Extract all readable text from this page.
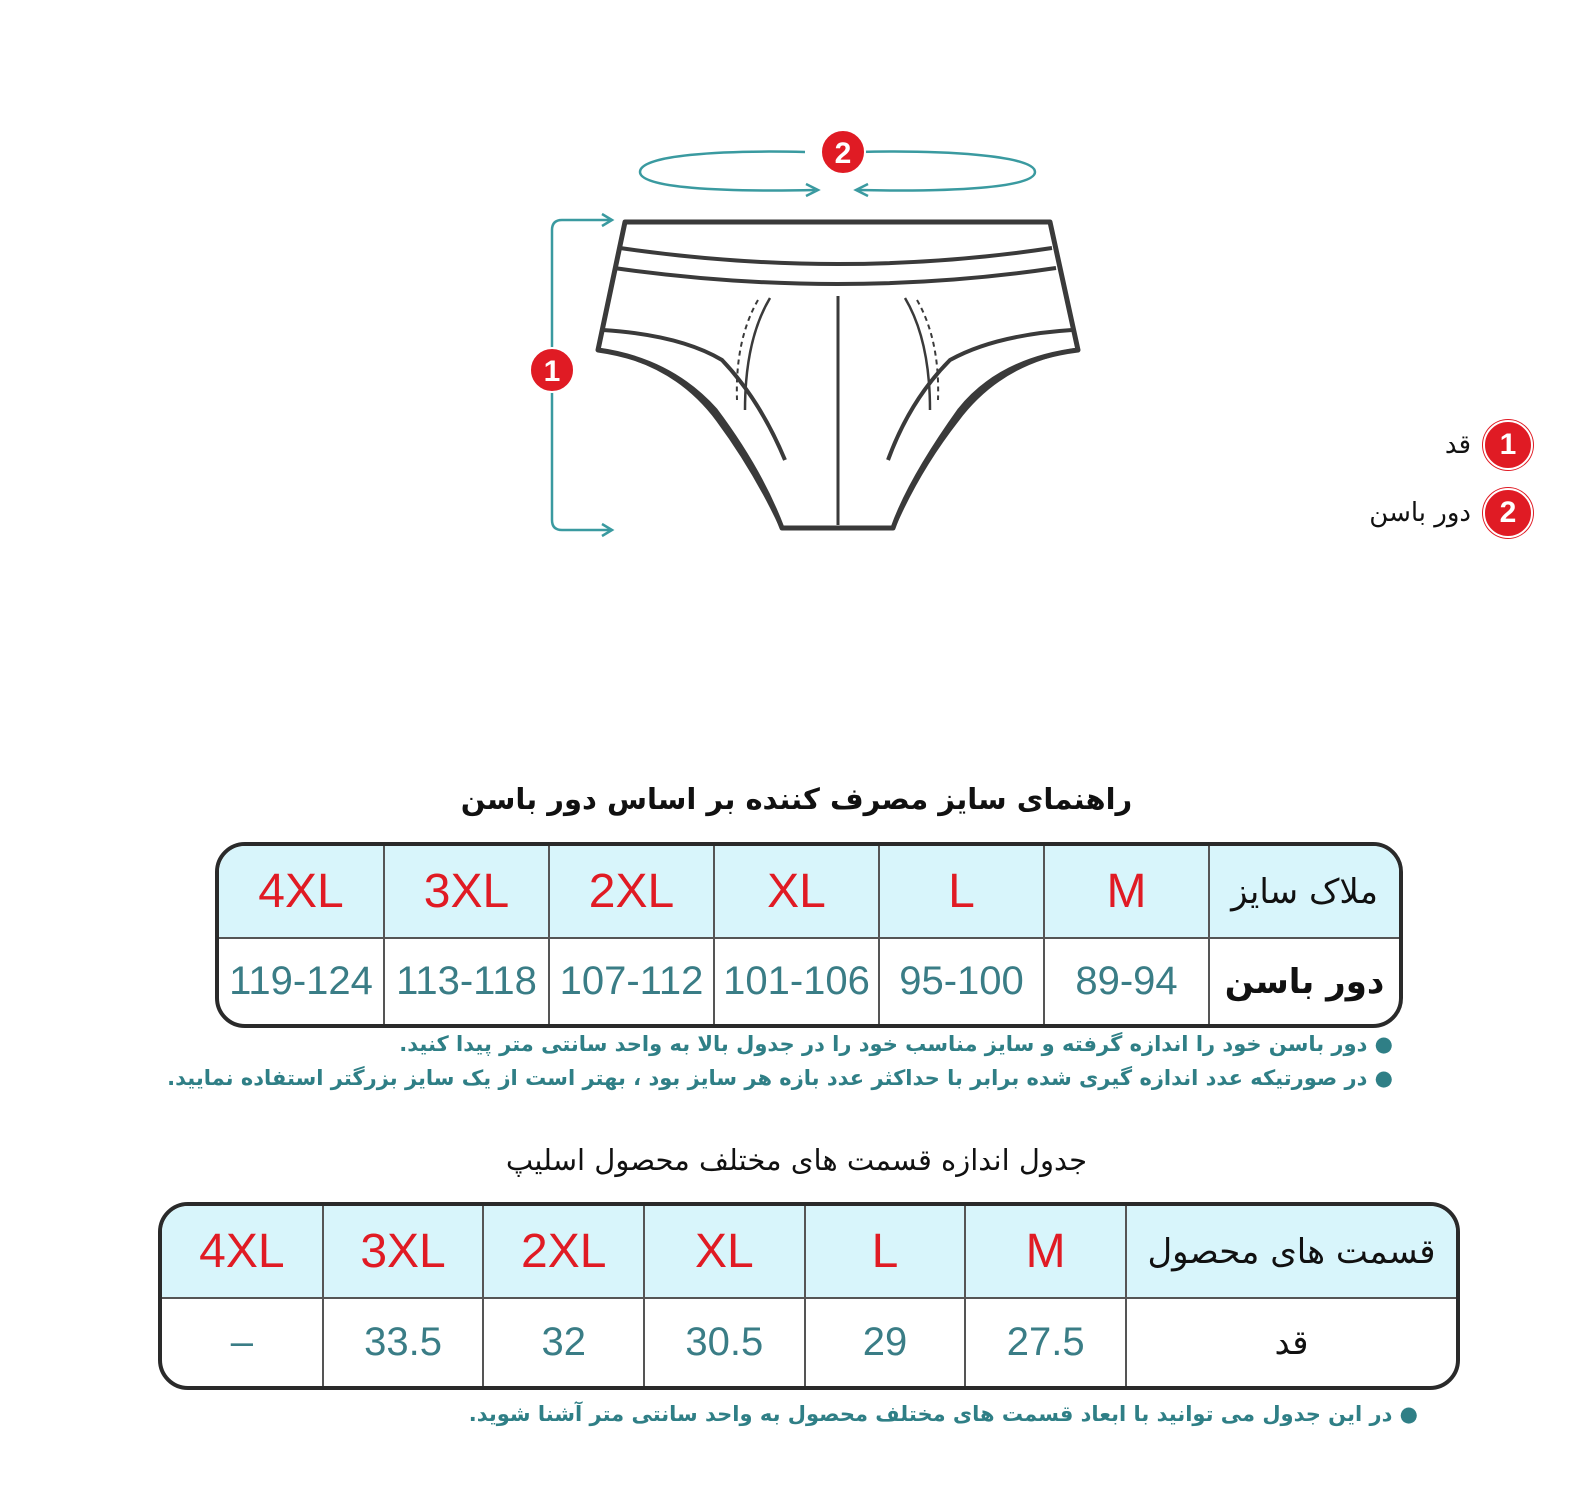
2
1
1
قد
2
دور باسن
راهنمای سایز مصرف کننده بر اساس دور باسن
ملاک سایز	M	L	XL	2XL	3XL	4XL
دور باسن	89-94	95-100	101-106	107-112	113-118	119-124
● دور باسن خود را اندازه گرفته و سایز مناسب خود را در جدول بالا به واحد سانتی متر پیدا کنید.
● در صورتیکه عدد اندازه گیری شده برابر با حداکثر عدد بازه هر سایز بود ، بهتر است از یک سایز بزرگتر استفاده نمایید.
جدول اندازه قسمت های مختلف محصول اسلیپ
قسمت های محصول	M	L	XL	2XL	3XL	4XL
قد	27.5	29	30.5	32	33.5	–
● در این جدول می توانید با ابعاد قسمت های مختلف محصول به واحد سانتی متر آشنا شوید.
